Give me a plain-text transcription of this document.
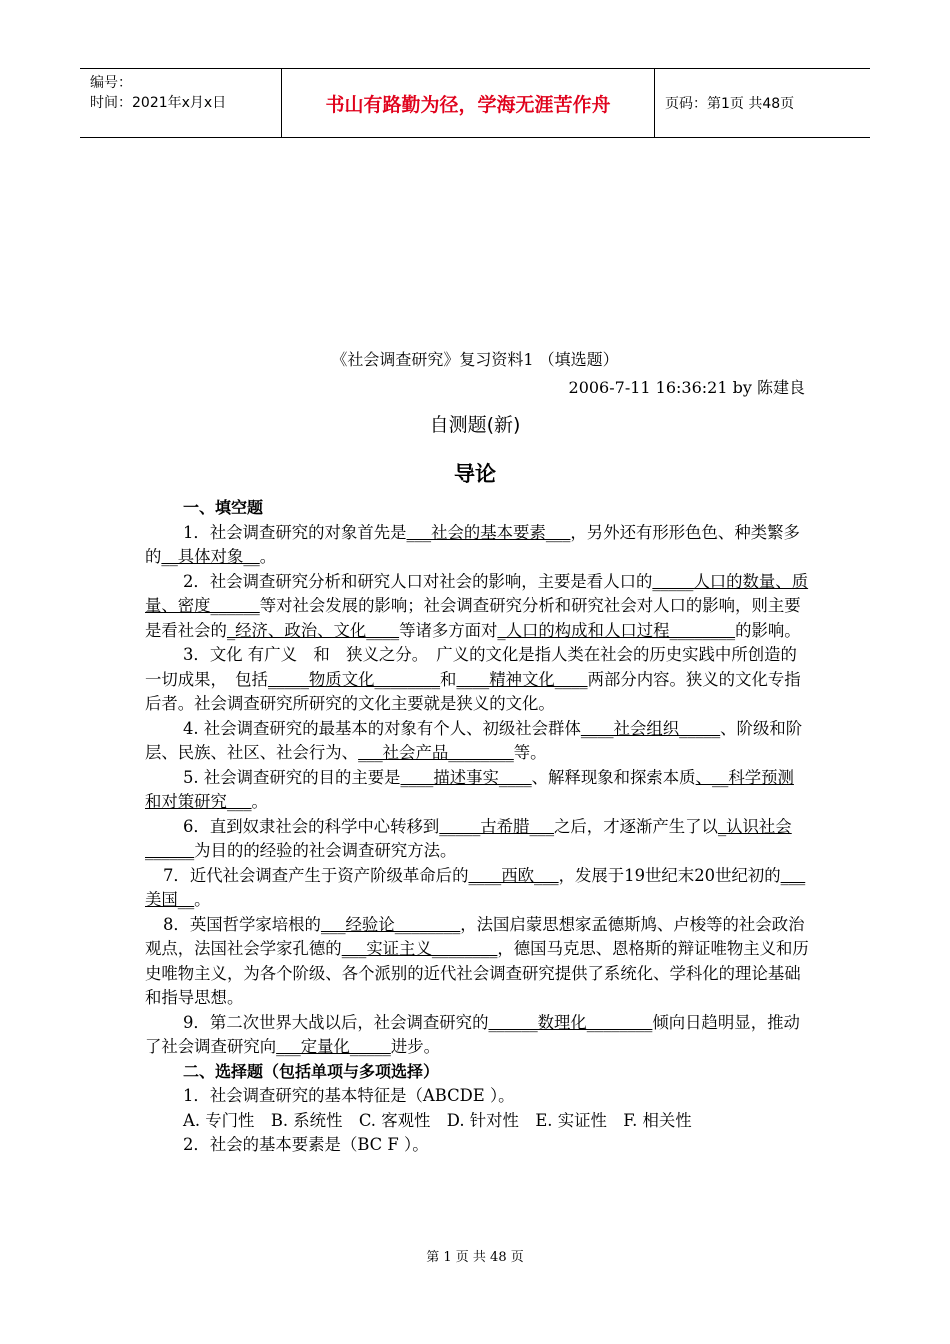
编号：
时间：2021年x月x日	书山有路勤为径，学海无涯苦作舟	页码：第1页 共48页
《社会调查研究》复习资料1 （填选题）
2006-7-11 16:36:21 by 陈建良
自测题(新)
导论

一、填空题

1．社会调查研究的对象首先是___社会的基本要素___，另外还有形形色色、种类繁多的__具体对象__。

2．社会调查研究分析和研究人口对社会的影响，主要是看人口的_____人口的数量、质量、密度______等对社会发展的影响；社会调查研究分析和研究社会对人口的影响，则主要是看社会的_经济、政治、文化____等诸多方面对_人口的构成和人口过程________的影响。

3．文化 有广义　和　狭义之分。　广义的文化是指人类在社会的历史实践中所创造的一切成果，　包括_____物质文化________和____精神文化____两部分内容。狭义的文化专指后者。社会调查研究所研究的文化主要就是狭义的文化。

4. 社会调查研究的最基本的对象有个人、初级社会群体____社会组织_____、阶级和阶层、民族、社区、社会行为、___社会产品________等。

5. 社会调查研究的目的主要是____描述事实____、解释现象和探索本质、__科学预测和对策研究___。

6．直到奴隶社会的科学中心转移到_____古希腊___之后，才逐渐产生了以_认识社会______为目的的经验的社会调查研究方法。

7．近代社会调查产生于资产阶级革命后的____西欧___，发展于19世纪末20世纪初的___美国__。

8．英国哲学家培根的___经验论________，法国启蒙思想家孟德斯鸠、卢梭等的社会政治观点，法国社会学家孔德的___实证主义________，德国马克思、恩格斯的辩证唯物主义和历史唯物主义，为各个阶级、各个派别的近代社会调查研究提供了系统化、学科化的理论基础和指导思想。

9．第二次世界大战以后，社会调查研究的______数理化________倾向日趋明显，推动了社会调查研究向___定量化_____进步。

二、选择题（包括单项与多项选择）

1．社会调查研究的基本特征是（ABCDE ）。

A. 专门性　B. 系统性　C. 客观性　D. 针对性　E. 实证性　F. 相关性

2．社会的基本要素是（BC F ）。

第 1 页 共 48 页
